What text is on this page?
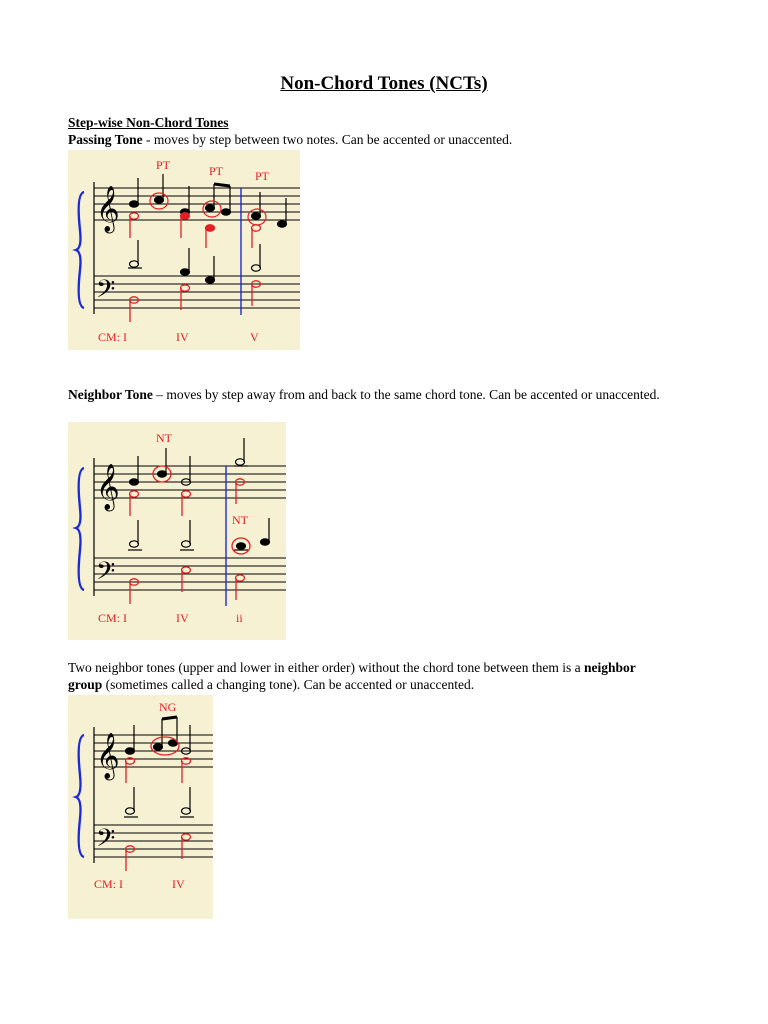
Non-Chord Tones (NCTs)
Step-wise Non-Chord Tones
Passing Tone - moves by step between two notes. Can be accented or unaccented.
𝄞
𝄢
PT	PT	PT
CM: I	IV	V
Neighbor Tone – moves by step away from and back to the same chord tone. Can be accented or unaccented.
𝄞
𝄢
NT
NT
CM: I	IV	ii
Two neighbor tones (upper and lower in either order) without the chord tone between them is a neighbor group (sometimes called a changing tone). Can be accented or unaccented.
𝄞
𝄢
NG
CM: I	IV
